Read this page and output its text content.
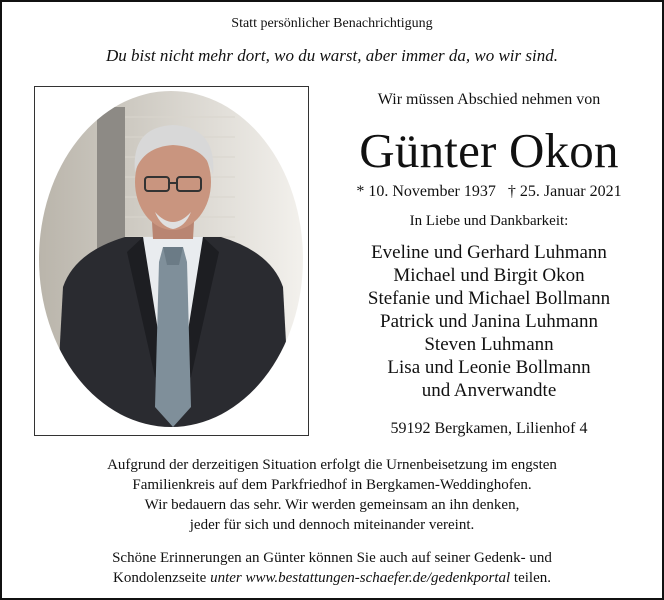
Statt persönlicher Benachrichtigung
Du bist nicht mehr dort, wo du warst, aber immer da, wo wir sind.
Wir müssen Abschied nehmen von
Günter Okon
* 10. November 1937 † 25. Januar 2021
In Liebe und Dankbarkeit:
Eveline und Gerhard Luhmann
Michael und Birgit Okon
Stefanie und Michael Bollmann
Patrick und Janina Luhmann
Steven Luhmann
Lisa und Leonie Bollmann
und Anverwandte
59192 Bergkamen, Lilienhof 4
Aufgrund der derzeitigen Situation erfolgt die Urnenbeisetzung im engsten
Familienkreis auf dem Parkfriedhof in Bergkamen-Weddinghofen.
Wir bedauern das sehr. Wir werden gemeinsam an ihn denken,
jeder für sich und dennoch miteinander vereint.
Schöne Erinnerungen an Günter können Sie auch auf seiner Gedenk- und
Kondolenzseite unter www.bestattungen-schaefer.de/gedenkportal teilen.
